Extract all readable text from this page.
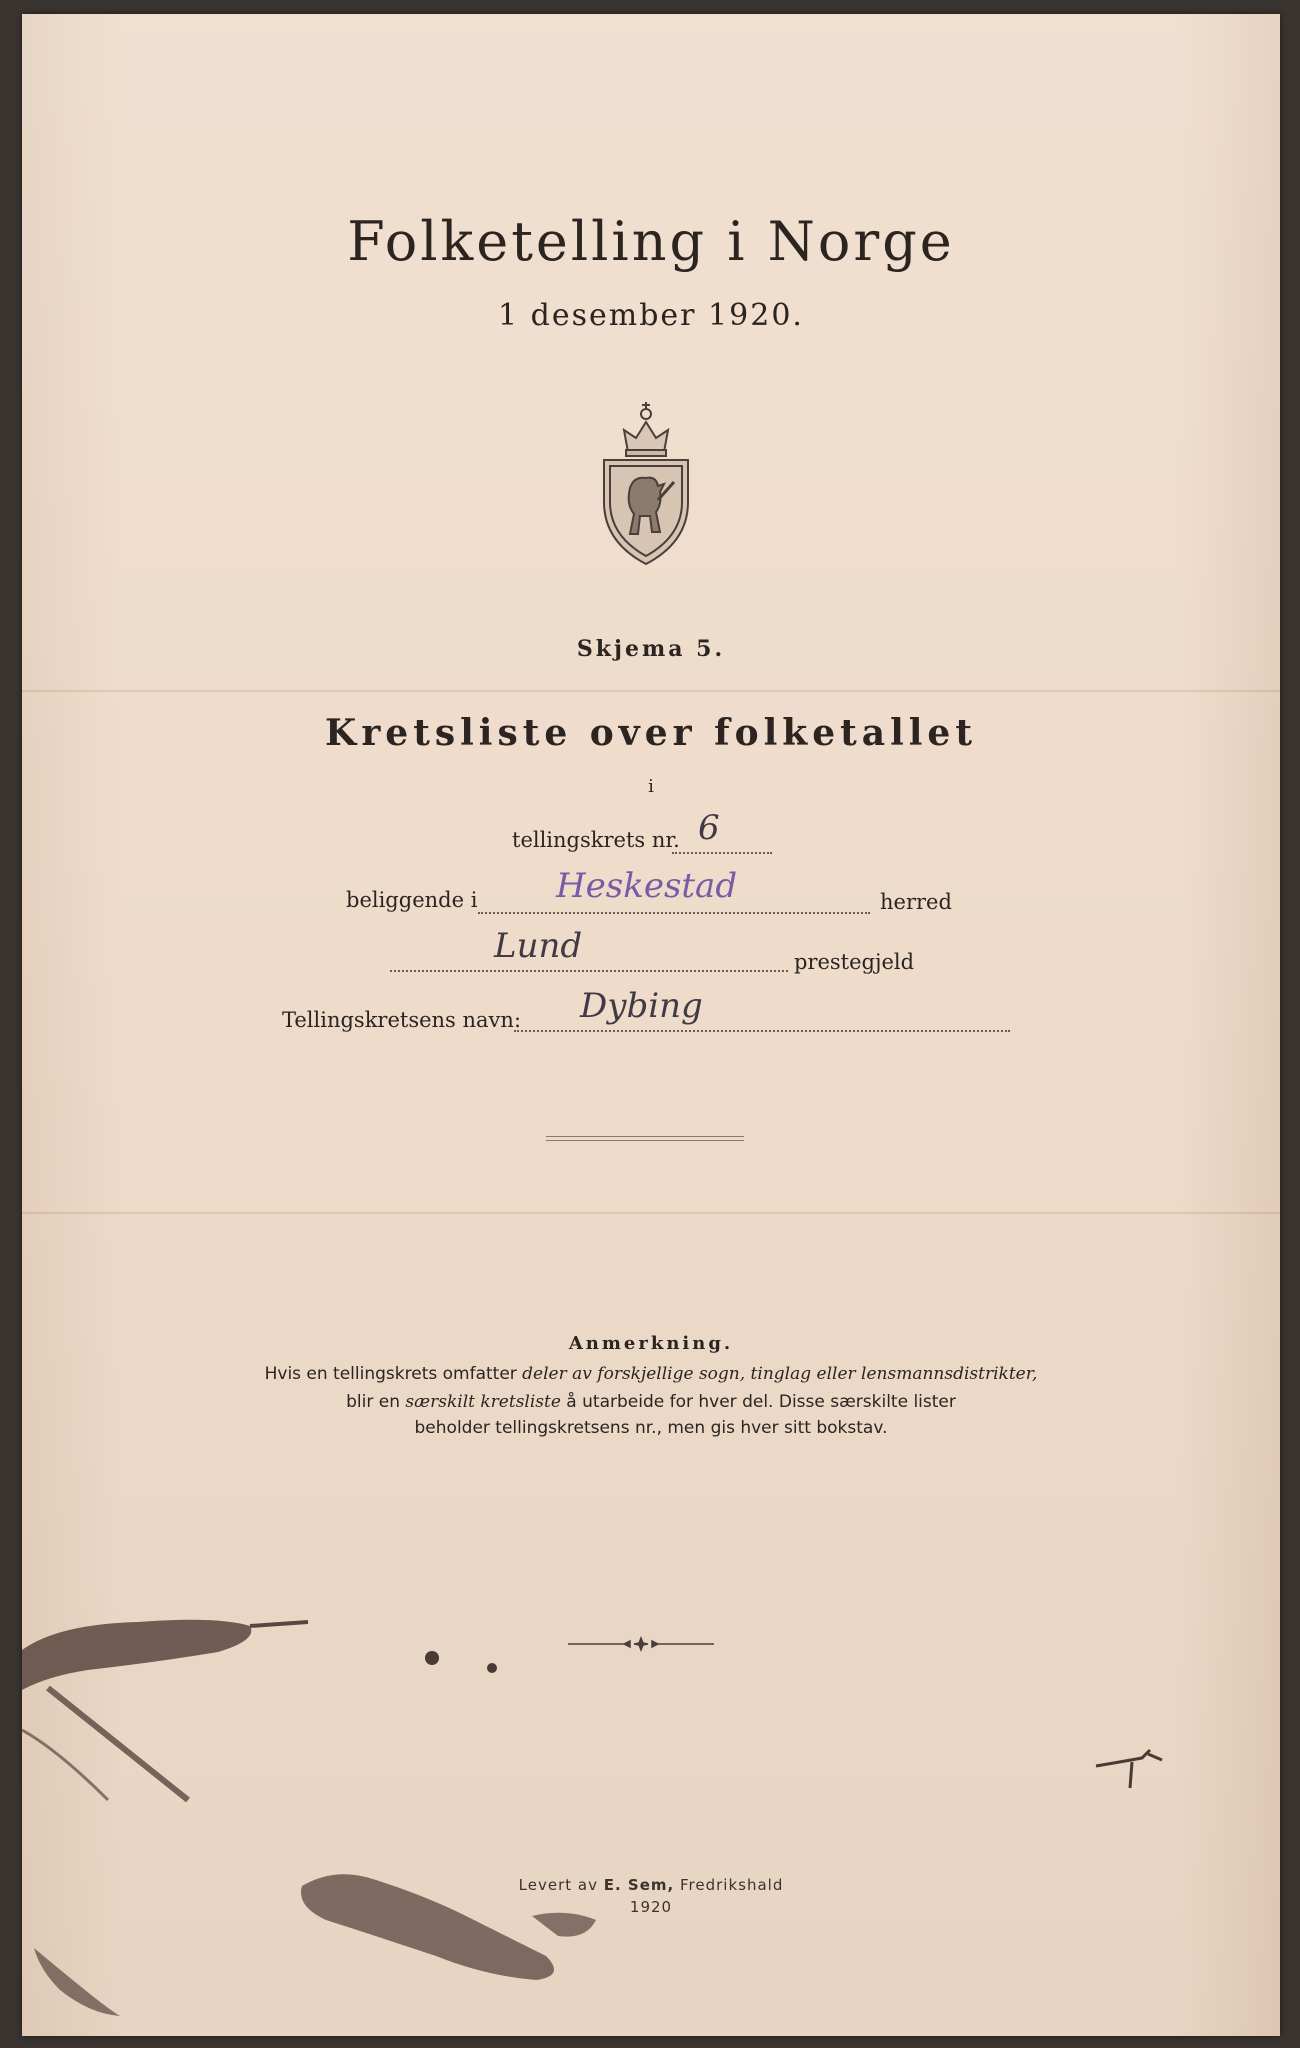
Folketelling i Norge
1 desember 1920.
Skjema 5.
Kretsliste over folketallet
i
tellingskrets nr. 6
beliggende i Heskestad	herred
Lund	prestegjeld
Tellingskretsens navn: Dybing
Anmerkning.
Hvis en tellingskrets omfatter deler av forskjellige sogn, tinglag eller lensmannsdistrikter,
blir en særskilt kretsliste å utarbeide for hver del. Disse særskilte lister
beholder tellingskretsens nr., men gis hver sitt bokstav.
Levert av E. Sem, Fredrikshald
1920
